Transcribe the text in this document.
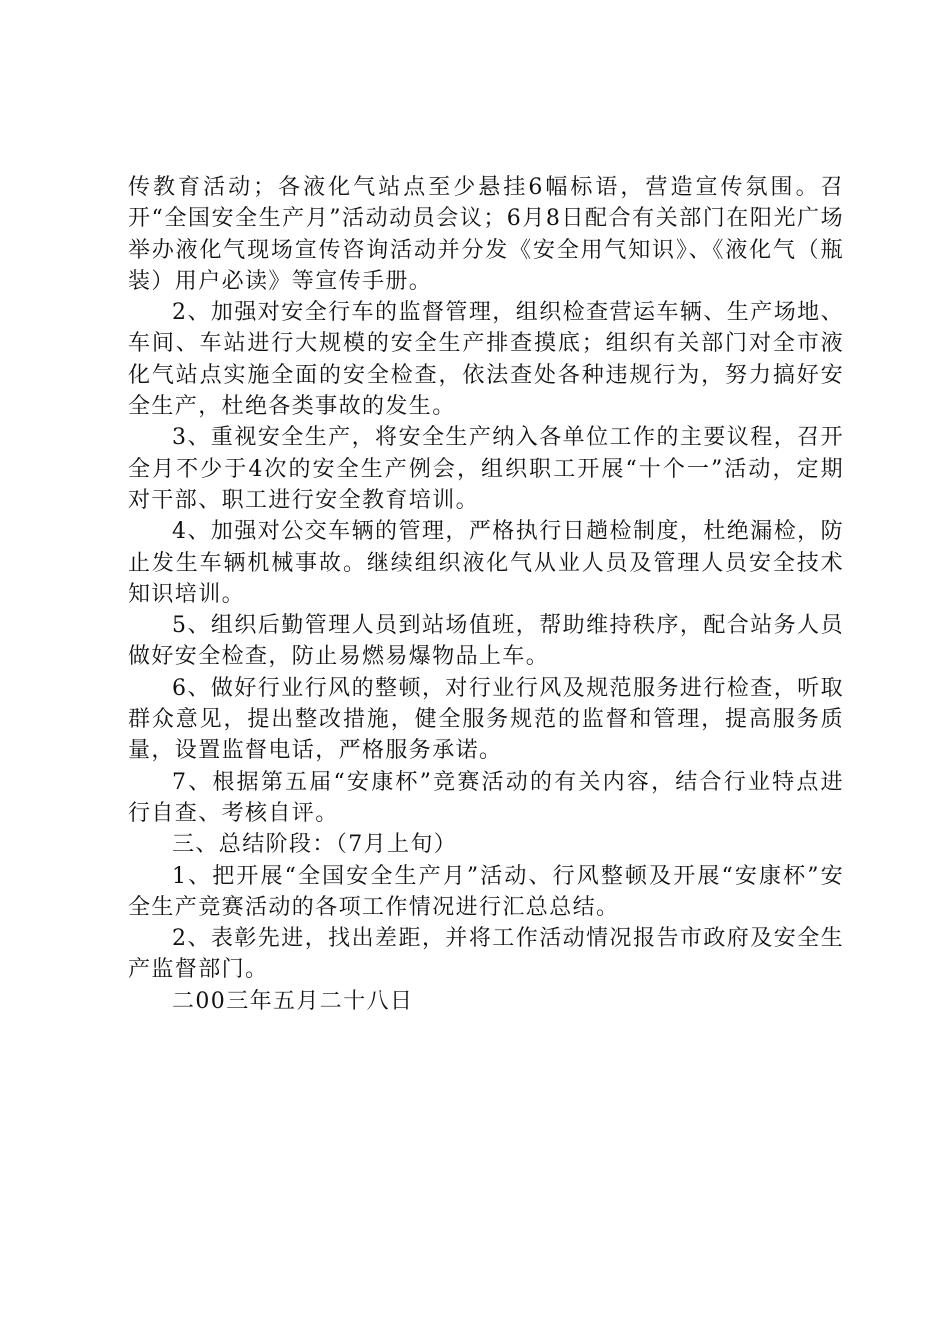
传教育活动；各液化气站点至少悬挂6幅标语，营造宣传氛围。召开“全国安全生产月”活动动员会议；6月8日配合有关部门在阳光广场举办液化气现场宣传咨询活动并分发《安全用气知识》、《液化气（瓶装）用户必读》等宣传手册。

2、加强对安全行车的监督管理，组织检查营运车辆、生产场地、车间、车站进行大规模的安全生产排查摸底；组织有关部门对全市液化气站点实施全面的安全检查，依法查处各种违规行为，努力搞好安全生产，杜绝各类事故的发生。

3、重视安全生产，将安全生产纳入各单位工作的主要议程，召开全月不少于4次的安全生产例会，组织职工开展“十个一”活动，定期对干部、职工进行安全教育培训。

4、加强对公交车辆的管理，严格执行日趟检制度，杜绝漏检，防止发生车辆机械事故。继续组织液化气从业人员及管理人员安全技术知识培训。

5、组织后勤管理人员到站场值班，帮助维持秩序，配合站务人员做好安全检查，防止易燃易爆物品上车。

6、做好行业行风的整顿，对行业行风及规范服务进行检查，听取群众意见，提出整改措施，健全服务规范的监督和管理，提高服务质量，设置监督电话，严格服务承诺。

7、根据第五届“安康杯”竞赛活动的有关内容，结合行业特点进行自查、考核自评。

三、总结阶段：（7月上旬）

1、把开展“全国安全生产月”活动、行风整顿及开展“安康杯”安全生产竞赛活动的各项工作情况进行汇总总结。

2、表彰先进，找出差距，并将工作活动情况报告市政府及安全生产监督部门。

二00三年五月二十八日
